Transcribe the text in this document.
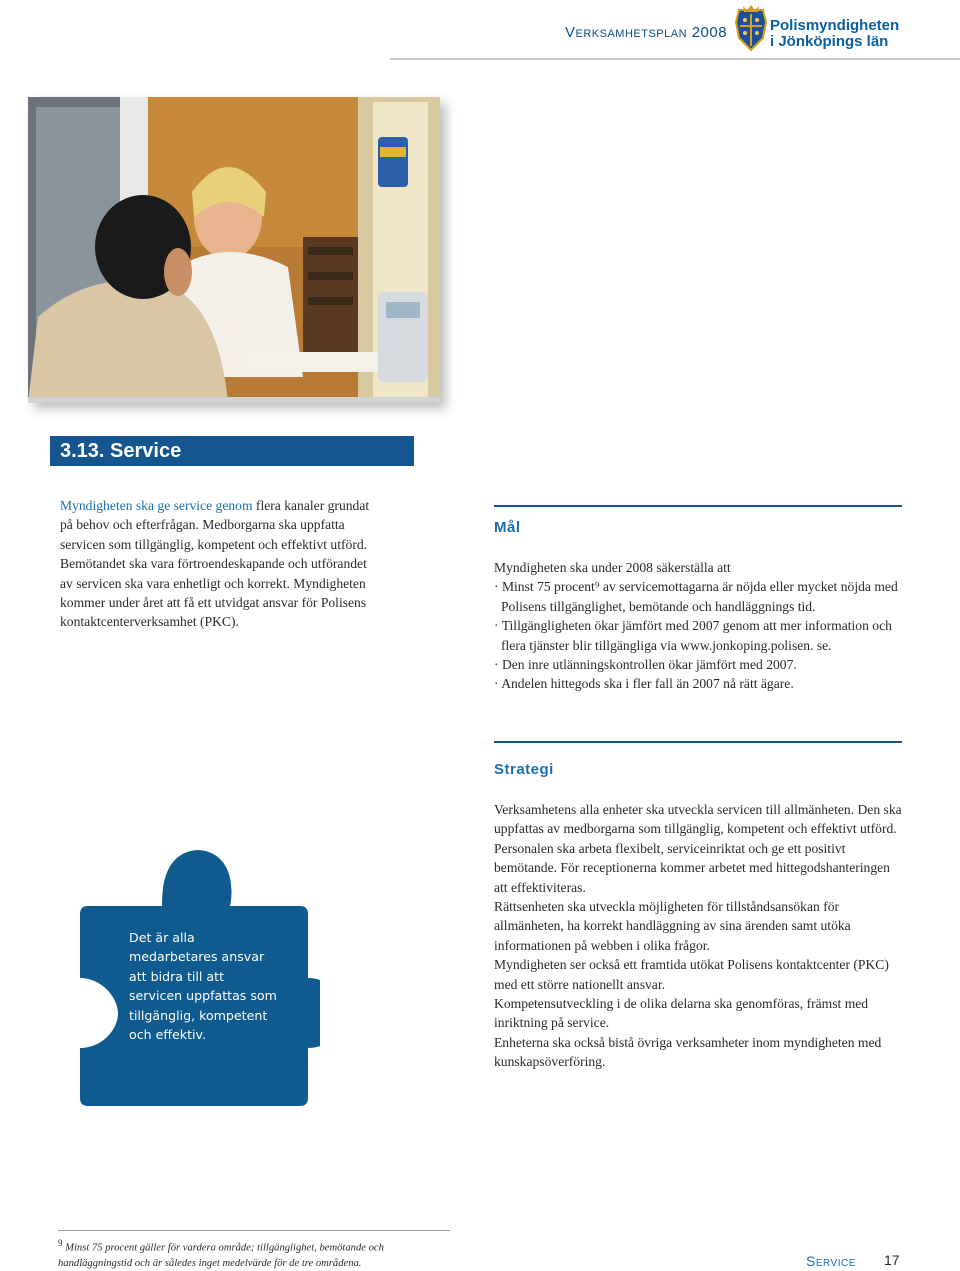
Verksamhetsplan 2008	Polismyndigheten
i Jönköpings län
3.13. Service
Myndigheten ska ge service genom flera kanaler grundat på behov och efterfrågan. Medborgarna ska uppfatta servicen som tillgänglig, kompetent och effektivt utförd. Bemötandet ska vara förtroendeskapande och utförandet av servicen ska vara enhetligt och korrekt. Myndigheten kommer under året att få ett utvidgat ansvar för Polisens kontaktcenterverksamhet (PKC).
Mål
Myndigheten ska under 2008 säkerställa att
· Minst 75 procent⁹ av servicemottagarna är nöjda eller mycket nöjda med Polisens tillgänglighet, bemötande och handläggnings tid.
· Tillgängligheten ökar jämfört med 2007 genom att mer information och flera tjänster blir tillgängliga via www.jonkoping.polisen. se.
· Den inre utlänningskontrollen ökar jämfört med 2007.
· Andelen hittegods ska i fler fall än 2007 nå rätt ägare.
Strategi

Verksamhetens alla enheter ska utveckla servicen till allmänheten. Den ska uppfattas av medborgarna som tillgänglig, kompetent och effektivt utförd. Personalen ska arbeta flexibelt, serviceinriktat och ge ett positivt bemötande. För receptionerna kommer arbetet med hittegodshanteringen att effektiviteras.

Rättsenheten ska utveckla möjligheten för tillståndsansökan för allmänheten, ha korrekt handläggning av sina ärenden samt utöka informationen på webben i olika frågor.

Myndigheten ser också ett framtida utökat Polisens kontaktcenter (PKC) med ett större nationellt ansvar.

Kompetensutveckling i de olika delarna ska genomföras, främst med inriktning på service.

Enheterna ska också bistå övriga verksamheter inom myndigheten med kunskapsöverföring.

Det är alla medarbetares ansvar att bidra till att servicen uppfattas som tillgänglig, kompetent och effektiv.
$^9$ Minst 75 procent gäller för vardera område; tillgänglighet, bemötande och handläggningstid och är således inget medelvärde för de tre områdena.	Service 17
